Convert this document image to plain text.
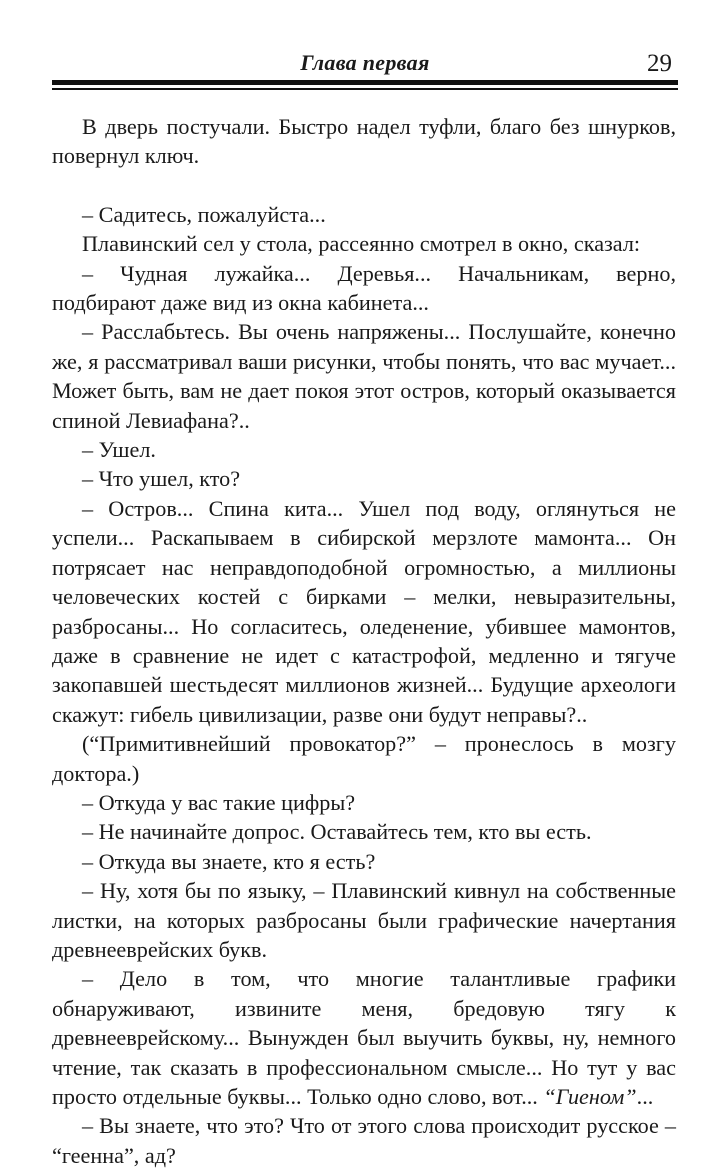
Глава первая	29

В дверь постучали. Быстро надел туфли, благо без шнурков, повернул ключ.

– Садитесь, пожалуйста...

Плавинский сел у стола, рассеянно смотрел в окно, сказал:

– Чудная лужайка... Деревья... Начальникам, верно, подбирают даже вид из окна кабинета...

– Расслабьтесь. Вы очень напряжены... Послушайте, конечно же, я рассматривал ваши рисунки, чтобы понять, что вас мучает... Может быть, вам не дает покоя этот остров, который оказывается спиной Левиафана?..

– Ушел.

– Что ушел, кто?

– Остров... Спина кита... Ушел под воду, оглянуться не успели... Раскапываем в сибирской мерзлоте мамонта... Он потрясает нас неправдоподобной огромностью, а миллионы человеческих костей с бирками – мелки, невыразительны, разбросаны... Но согласитесь, оледенение, убившее мамонтов, даже в сравнение не идет с катастрофой, медленно и тягуче закопавшей шестьдесят миллионов жизней... Будущие археологи скажут: гибель цивилизации, разве они будут неправы?..

(“Примитивнейший провокатор?” – пронеслось в мозгу доктора.)

– Откуда у вас такие цифры?

– Не начинайте допрос. Оставайтесь тем, кто вы есть.

– Откуда вы знаете, кто я есть?

– Ну, хотя бы по языку, – Плавинский кивнул на собственные листки, на которых разбросаны были графические начертания древнееврейских букв.

– Дело в том, что многие талантливые графики обнаруживают, извините меня, бредовую тягу к древнееврейскому... Вынужден был выучить буквы, ну, немного чтение, так сказать в профессиональном смысле... Но тут у вас просто отдельные буквы... Только одно слово, вот... “Гиеном”...

– Вы знаете, что это? Что от этого слова происходит русское – “геенна”, ад?
